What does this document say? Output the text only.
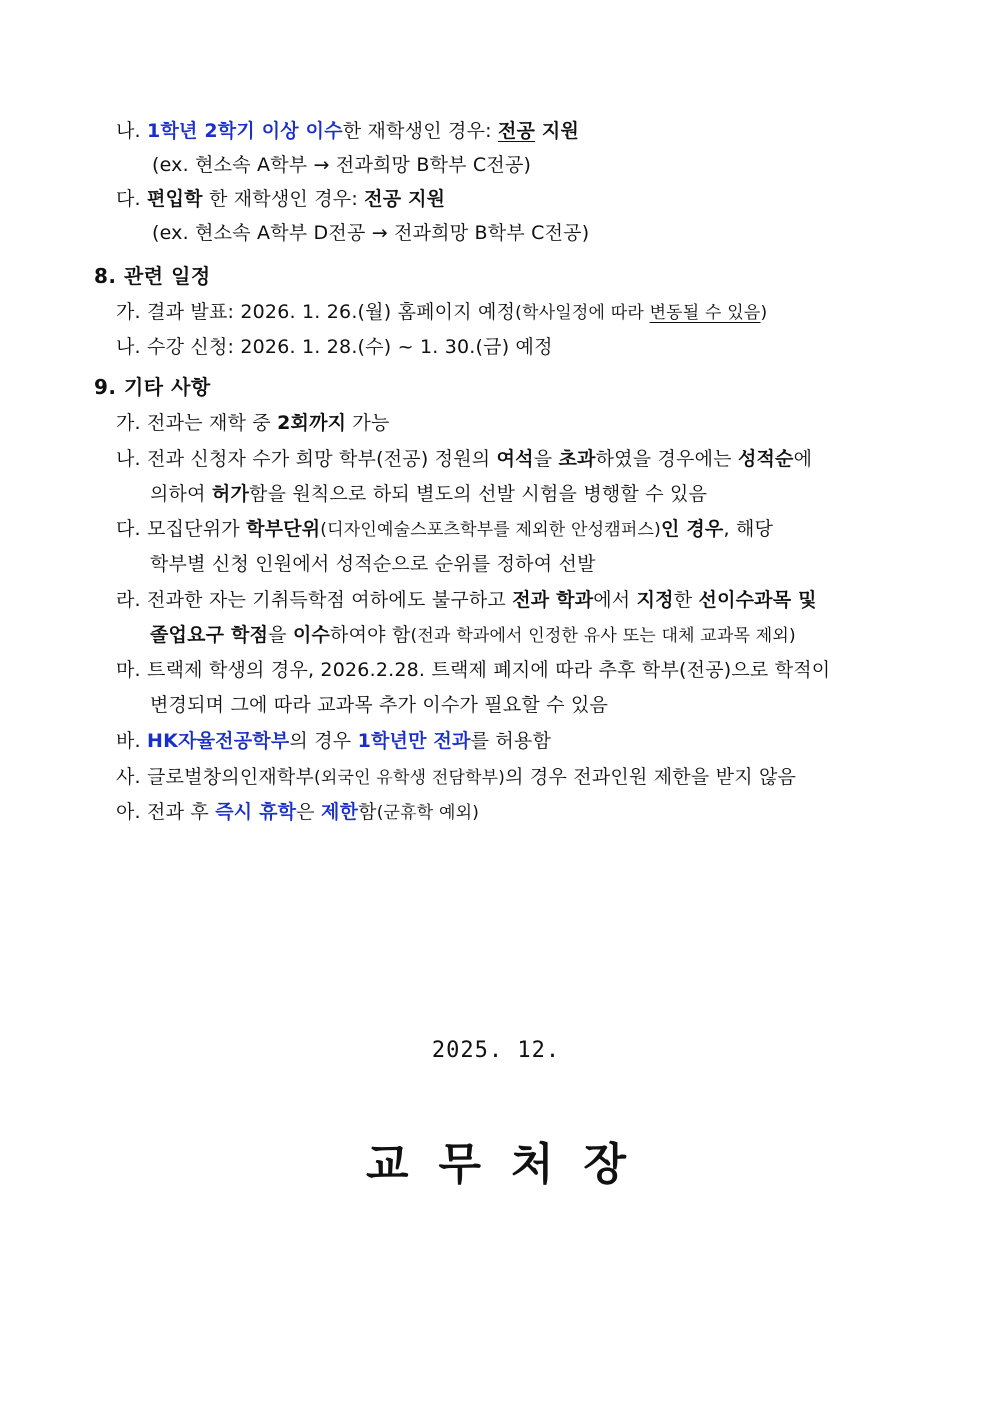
나. 1학년 2학기 이상 이수한 재학생인 경우: 전공 지원
(ex. 현소속 A학부 → 전과희망 B학부 C전공)
다. 편입학 한 재학생인 경우: 전공 지원
(ex. 현소속 A학부 D전공 → 전과희망 B학부 C전공)
8. 관련 일정
가. 결과 발표: 2026. 1. 26.(월) 홈페이지 예정(학사일정에 따라 변동될 수 있음)
나. 수강 신청: 2026. 1. 28.(수) ~ 1. 30.(금) 예정
9. 기타 사항
가. 전과는 재학 중 2회까지 가능
나. 전과 신청자 수가 희망 학부(전공) 정원의 여석을 초과하였을 경우에는 성적순에
의하여 허가함을 원칙으로 하되 별도의 선발 시험을 병행할 수 있음
다. 모집단위가 학부단위(디자인예술스포츠학부를 제외한 안성캠퍼스)인 경우, 해당
학부별 신청 인원에서 성적순으로 순위를 정하여 선발
라. 전과한 자는 기취득학점 여하에도 불구하고 전과 학과에서 지정한 선이수과목 및
졸업요구 학점을 이수하여야 함(전과 학과에서 인정한 유사 또는 대체 교과목 제외)
마. 트랙제 학생의 경우, 2026.2.28. 트랙제 폐지에 따라 추후 학부(전공)으로 학적이
변경되며 그에 따라 교과목 추가 이수가 필요할 수 있음
바. HK자율전공학부의 경우 1학년만 전과를 허용함
사. 글로벌창의인재학부(외국인 유학생 전담학부)의 경우 전과인원 제한을 받지 않음
아. 전과 후 즉시 휴학은 제한함(군휴학 예외)
2025. 12.
교무처장
